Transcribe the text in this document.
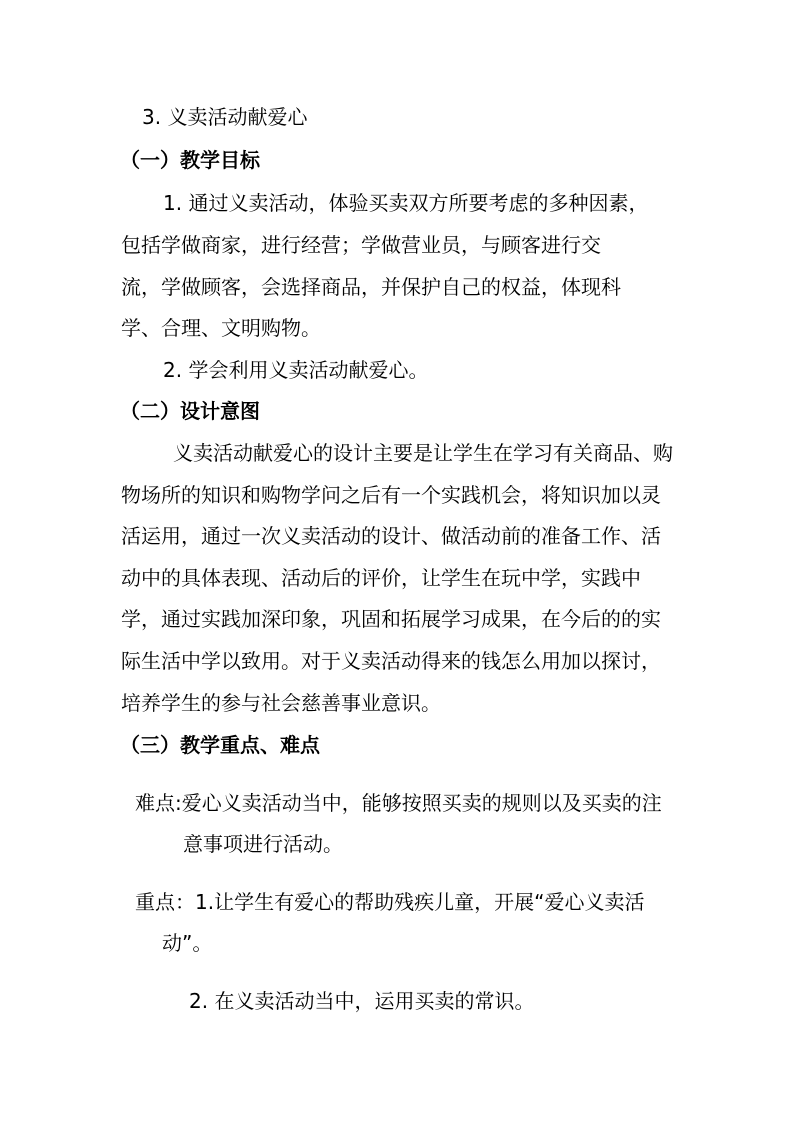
3. 义卖活动献爱心
（一）教学目标
1. 通过义卖活动，体验买卖双方所要考虑的多种因素，
包括学做商家，进行经营；学做营业员，与顾客进行交
流，学做顾客，会选择商品，并保护自己的权益，体现科
学、合理、文明购物。
2. 学会利用义卖活动献爱心。
（二）设计意图
义卖活动献爱心的设计主要是让学生在学习有关商品、购
物场所的知识和购物学问之后有一个实践机会，将知识加以灵
活运用，通过一次义卖活动的设计、做活动前的准备工作、活
动中的具体表现、活动后的评价，让学生在玩中学，实践中
学，通过实践加深印象，巩固和拓展学习成果，在今后的的实
际生活中学以致用。对于义卖活动得来的钱怎么用加以探讨，
培养学生的参与社会慈善事业意识。
（三）教学重点、难点
难点:爱心义卖活动当中，能够按照买卖的规则以及买卖的注
意事项进行活动。
重点：1.让学生有爱心的帮助残疾儿童，开展“爱心义卖活
动”。
2. 在义卖活动当中，运用买卖的常识。
